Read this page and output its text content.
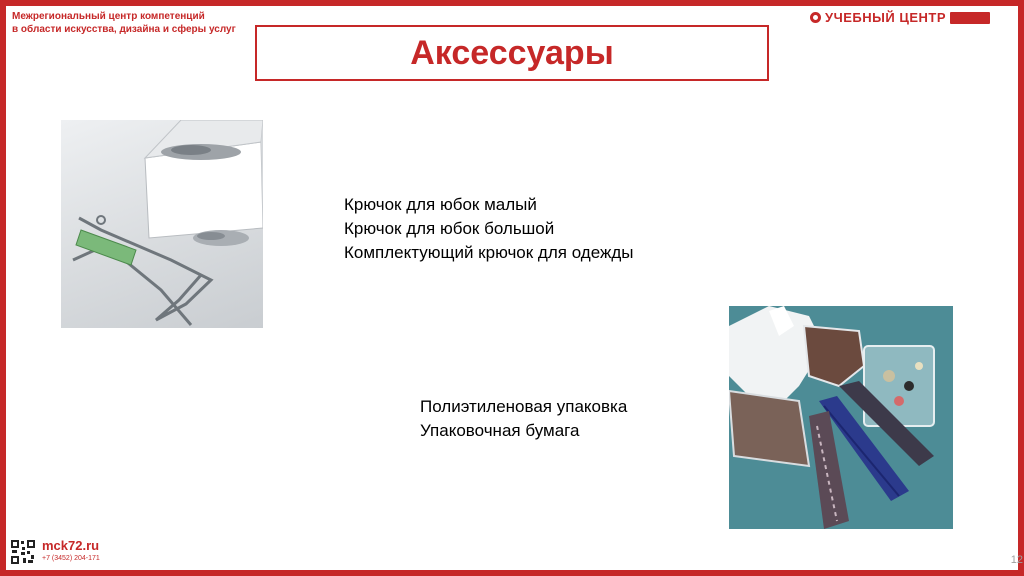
Межрегиональный центр компетенций
в области искусства, дизайна и сферы услуг
УЧЕБНЫЙ ЦЕНТР
Аксессуары
Крючок для юбок малый
Крючок для юбок большой
Комплектующий крючок для одежды
Полиэтиленовая упаковка
Упаковочная бумага
mck72.ru
+7 (3452) 204-171	12
